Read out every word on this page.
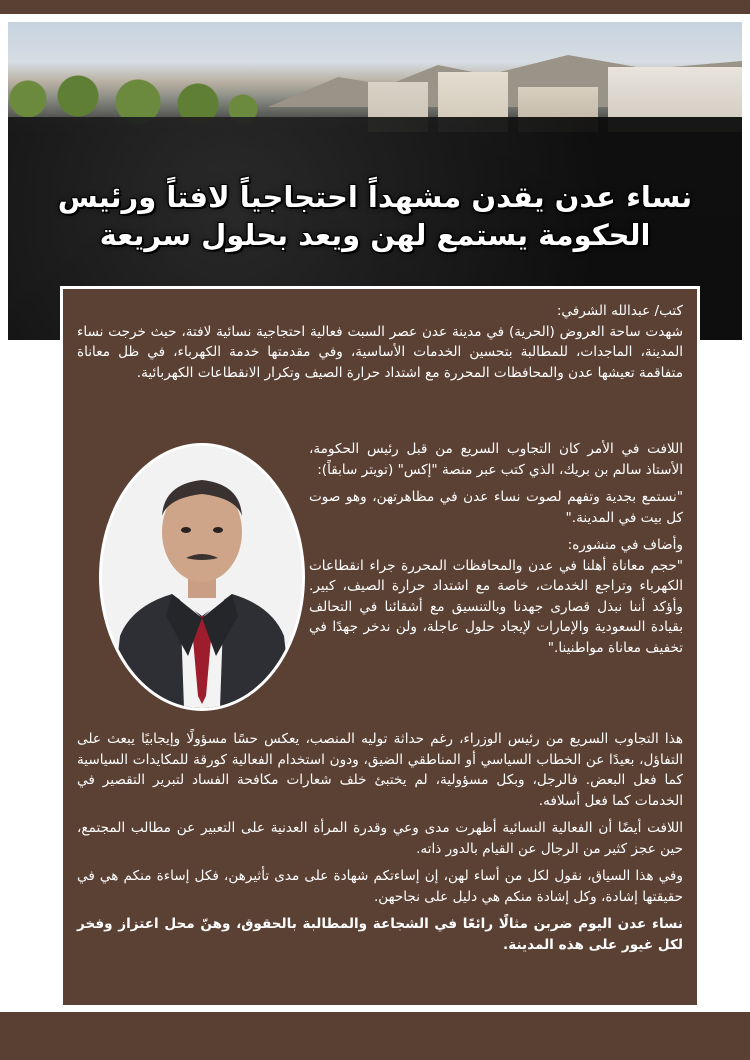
نساء عدن يقدن مشهداً احتجاجياً لافتاً ورئيس الحكومة يستمع لهن ويعد بحلول سريعة

كتب/ عبدالله الشرفي:

شهدت ساحة العروض (الحرية) في مدينة عدن عصر السبت فعالية احتجاجية نسائية لافتة، حيث خرجت نساء المدينة، الماجدات، للمطالبة بتحسين الخدمات الأساسية، وفي مقدمتها خدمة الكهرباء، في ظل معاناة متفاقمة تعيشها عدن والمحافظات المحررة مع اشتداد حرارة الصيف وتكرار الانقطاعات الكهربائية.

اللافت في الأمر كان التجاوب السريع من قبل رئيس الحكومة، الأستاذ سالم بن بريك، الذي كتب عبر منصة "إكس" (تويتر سابقاً):

"نستمع بجدية وتفهم لصوت نساء عدن في مظاهرتهن، وهو صوت كل بيت في المدينة."

وأضاف في منشوره:

"حجم معاناة أهلنا في عدن والمحافظات المحررة جراء انقطاعات الكهرباء وتراجع الخدمات، خاصة مع اشتداد حرارة الصيف، كبير. وأؤكد أننا نبذل قصارى جهدنا وبالتنسيق مع أشقائنا في التحالف بقيادة السعودية والإمارات لإيجاد حلول عاجلة، ولن ندخر جهدًا في تخفيف معاناة مواطنينا."

هذا التجاوب السريع من رئيس الوزراء، رغم حداثة توليه المنصب، يعكس حسًا مسؤولًا وإيجابيًا يبعث على التفاؤل، بعيدًا عن الخطاب السياسي أو المناطقي الضيق، ودون استخدام الفعالية كورقة للمكايدات السياسية كما فعل البعض. فالرجل، وبكل مسؤولية، لم يختبئ خلف شعارات مكافحة الفساد لتبرير التقصير في الخدمات كما فعل أسلافه.

اللافت أيضًا أن الفعالية النسائية أظهرت مدى وعي وقدرة المرأة العدنية على التعبير عن مطالب المجتمع، حين عجز كثير من الرجال عن القيام بالدور ذاته.

وفي هذا السياق، نقول لكل من أساء لهن، إن إساءتكم شهادة على مدى تأثيرهن، فكل إساءة منكم هي في حقيقتها إشادة، وكل إشادة منكم هي دليل على نجاحهن.

نساء عدن اليوم ضربن مثالًا رائعًا في الشجاعة والمطالبة بالحقوق، وهنّ محل اعتزاز وفخر لكل غيور على هذه المدينة.
